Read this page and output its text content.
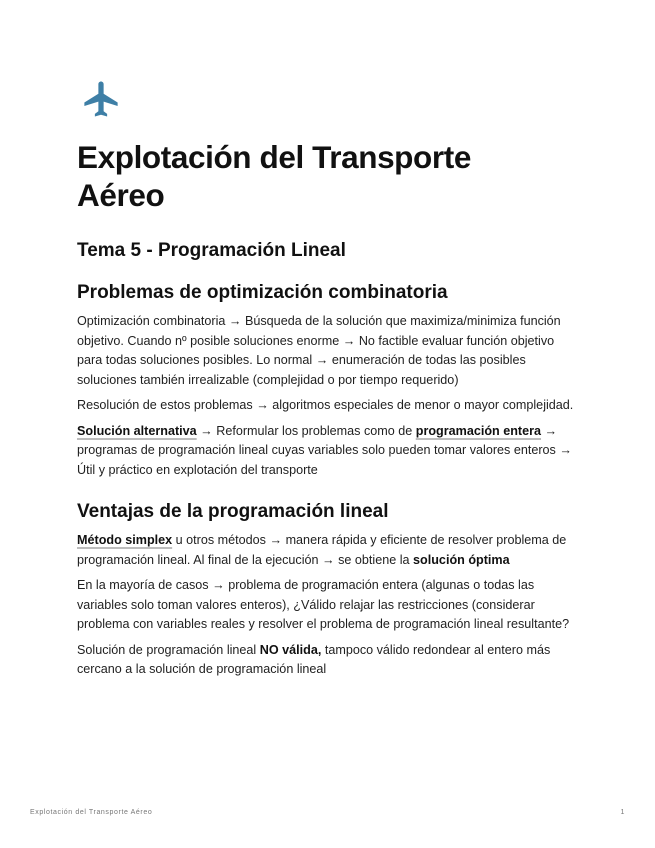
Explotación del Transporte Aéreo
Tema 5 - Programación Lineal
Problemas de optimización combinatoria

Optimización combinatoria → Búsqueda de la solución que maximiza/minimiza función objetivo. Cuando nº posible soluciones enorme → No factible evaluar función objetivo para todas soluciones posibles. Lo normal → enumeración de todas las posibles soluciones también irrealizable (complejidad o por tiempo requerido)

Resolución de estos problemas → algoritmos especiales de menor o mayor complejidad.

Solución alternativa → Reformular los problemas como de programación entera → programas de programación lineal cuyas variables solo pueden tomar valores enteros → Útil y práctico en explotación del transporte

Ventajas de la programación lineal

Método simplex u otros métodos → manera rápida y eficiente de resolver problema de programación lineal. Al final de la ejecución → se obtiene la solución óptima

En la mayoría de casos → problema de programación entera (algunas o todas las variables solo toman valores enteros), ¿Válido relajar las restricciones (considerar problema con variables reales y resolver el problema de programación lineal resultante?

Solución de programación lineal NO válida, tampoco válido redondear al entero más cercano a la solución de programación lineal

Explotación del Transporte Aéreo	1
